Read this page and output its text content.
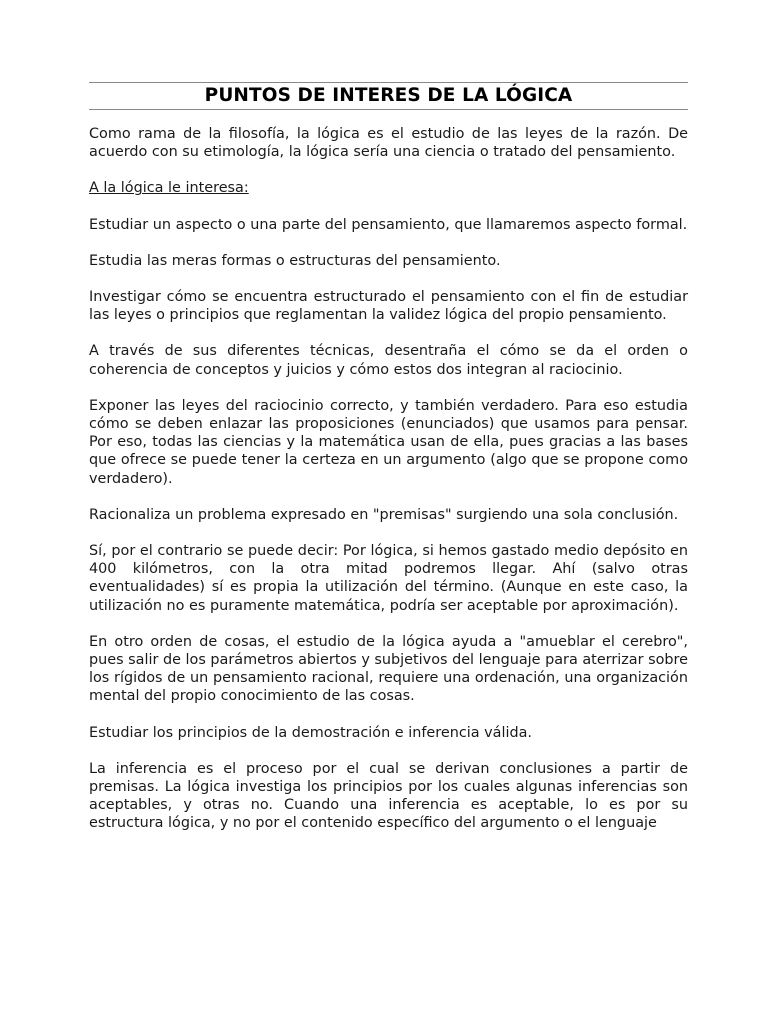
PUNTOS DE INTERES DE LA LÓGICA

Como rama de la filosofía, la lógica es el estudio de las leyes de la razón. De acuerdo con su etimología, la lógica sería una ciencia o tratado del pensamiento.

A la lógica le interesa:

Estudiar un aspecto o una parte del pensamiento, que llamaremos aspecto formal.

Estudia las meras formas o estructuras del pensamiento.

Investigar cómo se encuentra estructurado el pensamiento con el fin de estudiar las leyes o principios que reglamentan la validez lógica del propio pensamiento.

A través de sus diferentes técnicas, desentraña el cómo se da el orden o coherencia de conceptos y juicios y cómo estos dos integran al raciocinio.

Exponer las leyes del raciocinio correcto, y también verdadero. Para eso estudia cómo se deben enlazar las proposiciones (enunciados) que usamos para pensar. Por eso, todas las ciencias y la matemática usan de ella, pues gracias a las bases que ofrece se puede tener la certeza en un argumento (algo que se propone como verdadero).

Racionaliza un problema expresado en "premisas" surgiendo una sola conclusión.

Sí, por el contrario se puede decir: Por lógica, si hemos gastado medio depósito en 400 kilómetros, con la otra mitad podremos llegar. Ahí (salvo otras eventualidades) sí es propia la utilización del término. (Aunque en este caso, la utilización no es puramente matemática, podría ser aceptable por aproximación).

En otro orden de cosas, el estudio de la lógica ayuda a "amueblar el cerebro", pues salir de los parámetros abiertos y subjetivos del lenguaje para aterrizar sobre los rígidos de un pensamiento racional, requiere una ordenación, una organización mental del propio conocimiento de las cosas.

Estudiar los principios de la demostración e inferencia válida.

La inferencia es el proceso por el cual se derivan conclusiones a partir de premisas. La lógica investiga los principios por los cuales algunas inferencias son aceptables, y otras no. Cuando una inferencia es aceptable, lo es por su estructura lógica, y no por el contenido específico del argumento o el lenguaje
